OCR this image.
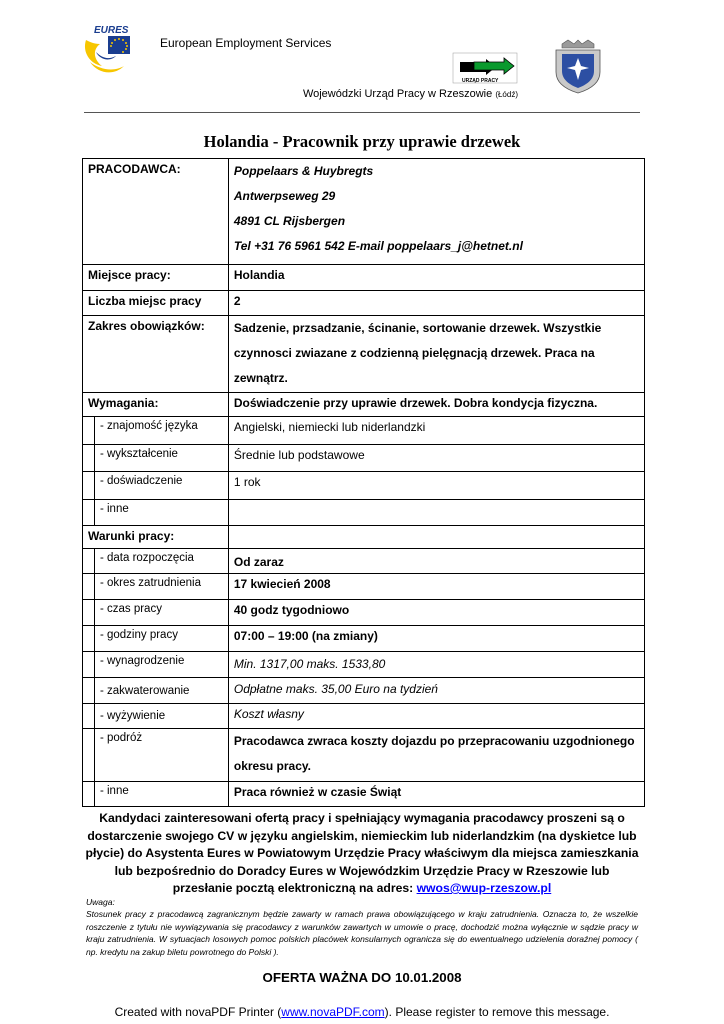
EURES
European Employment Services
URZĄD PRACY
Wojewódzki Urząd Pracy w Rzeszowie (Łódź)
Holandia - Pracownik przy uprawie drzewek
PRACODAWCA:		Poppelaars & Huybregts
Antwerpseweg 29
4891 CL Rijsbergen
Tel +31 76 5961 542 E-mail poppelaars_j@hetnet.nl

Miejsce pracy:		Holandia
Liczba miejsc pracy		2
Zakres obowiązków:		Sadzenie, przsadzanie, ścinanie, sortowanie drzewek. Wszystkie czynnosci zwiazane z codzienną pielęgnacją drzewek. Praca na zewnątrz.
Wymagania:		Doświadczenie przy uprawie drzewek. Dobra kondycja fizyczna.
	- znajomość języka	Angielski, niemiecki lub niderlandzki
	- wykształcenie	Średnie lub podstawowe
	- doświadczenie	1 rok
	- inne	
Warunki pracy:		
	- data rozpoczęcia	Od zaraz
	- okres zatrudnienia	17 kwiecień 2008
	- czas pracy	40 godz tygodniowo
	- godziny pracy	07:00 – 19:00 (na zmiany)
	- wynagrodzenie	Min. 1317,00 maks. 1533,80
	- zakwaterowanie	Odpłatne maks. 35,00 Euro na tydzień
	- wyżywienie	Koszt własny
	- podróż	Pracodawca zwraca koszty dojazdu po przepracowaniu uzgodnionego okresu pracy.
	- inne	Praca również w czasie Świąt
Kandydaci zainteresowani ofertą pracy i spełniający wymagania pracodawcy proszeni są o dostarczenie swojego CV w języku angielskim, niemieckim lub niderlandzkim (na dyskietce lub płycie) do Asystenta Eures w Powiatowym Urzędzie Pracy właściwym dla miejsca zamieszkania lub bezpośrednio do Doradcy Eures w Wojewódzkim Urzędzie Pracy w Rzeszowie lub przesłanie pocztą elektroniczną na adres: wwos@wup-rzeszow.pl
Uwaga:
Stosunek pracy z pracodawcą zagranicznym będzie zawarty w ramach prawa obowiązującego w kraju zatrudnienia. Oznacza to, że wszelkie roszczenie z tytułu nie wywiązywania się pracodawcy z warunków zawartych w umowie o pracę, dochodzić można wyłącznie w sądzie pracy w kraju zatrudnienia. W sytuacjach losowych pomoc polskich placówek konsularnych ogranicza się do ewentualnego udzielenia doraźnej pomocy ( np. kredytu na zakup biletu powrotnego do Polski ).
OFERTA WAŻNA DO 10.01.2008
Created with novaPDF Printer (www.novaPDF.com). Please register to remove this message.
